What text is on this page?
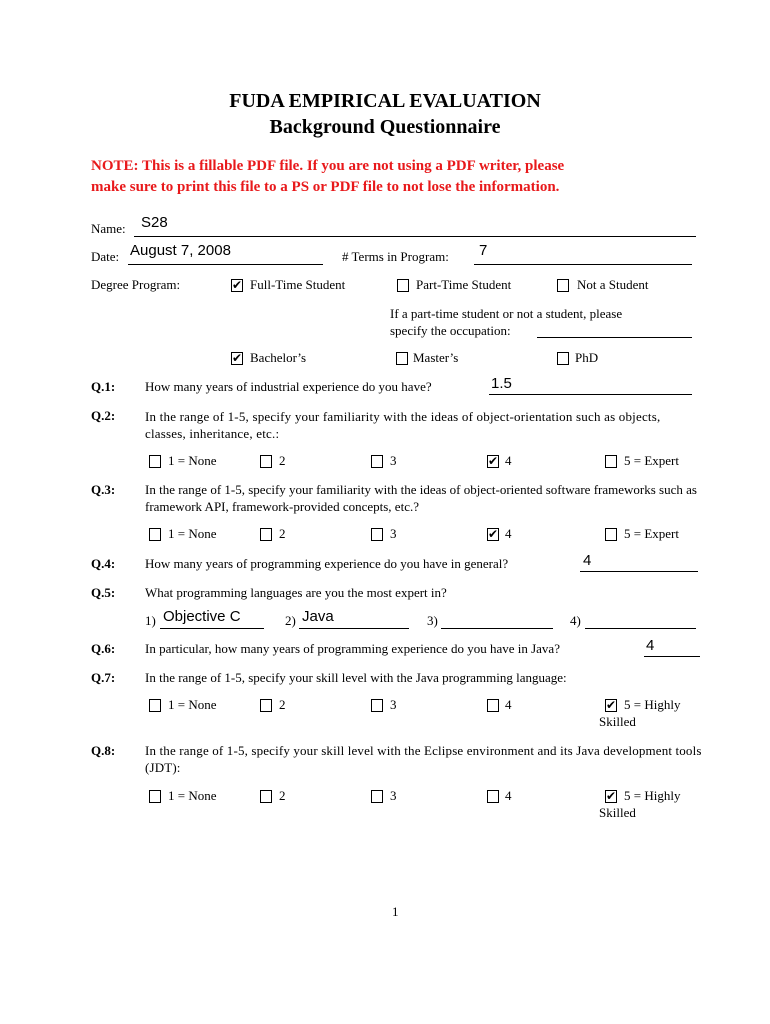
FUDA EMPIRICAL EVALUATION
Background Questionnaire
NOTE: This is a fillable PDF file. If you are not using a PDF writer, please
make sure to print this file to a PS or PDF file to not lose the information.
Name: S28
Date: August 7, 2008	# Terms in Program: 7
Degree Program:	✔ Full-Time Student	Part-Time Student	Not a Student
If a part-time student or not a student, please
specify the occupation:
✔ Bachelor’s	Master’s	PhD
Q.1: How many years of industrial experience do you have?	1.5
Q.2: In the range of 1-5, specify your familiarity with the ideas of object-orientation such as objects, classes, inheritance, etc.:
1 = None	2	3	✔ 4	5 = Expert
Q.3: In the range of 1-5, specify your familiarity with the ideas of object-oriented software frameworks such as framework API, framework-provided concepts, etc.?
1 = None	2	3	✔ 4	5 = Expert
Q.4: How many years of programming experience do you have in general?	4
Q.5: What programming languages are you the most expert in?
1) Objective C	2) Java	3)	4)
Q.6: In particular, how many years of programming experience do you have in Java?	4
Q.7: In the range of 1-5, specify your skill level with the Java programming language:
1 = None	2	3	4	✔ 5 = Highly
Skilled
Q.8: In the range of 1-5, specify your skill level with the Eclipse environment and its Java development tools (JDT):
1 = None	2	3	4	✔ 5 = Highly
Skilled
1
